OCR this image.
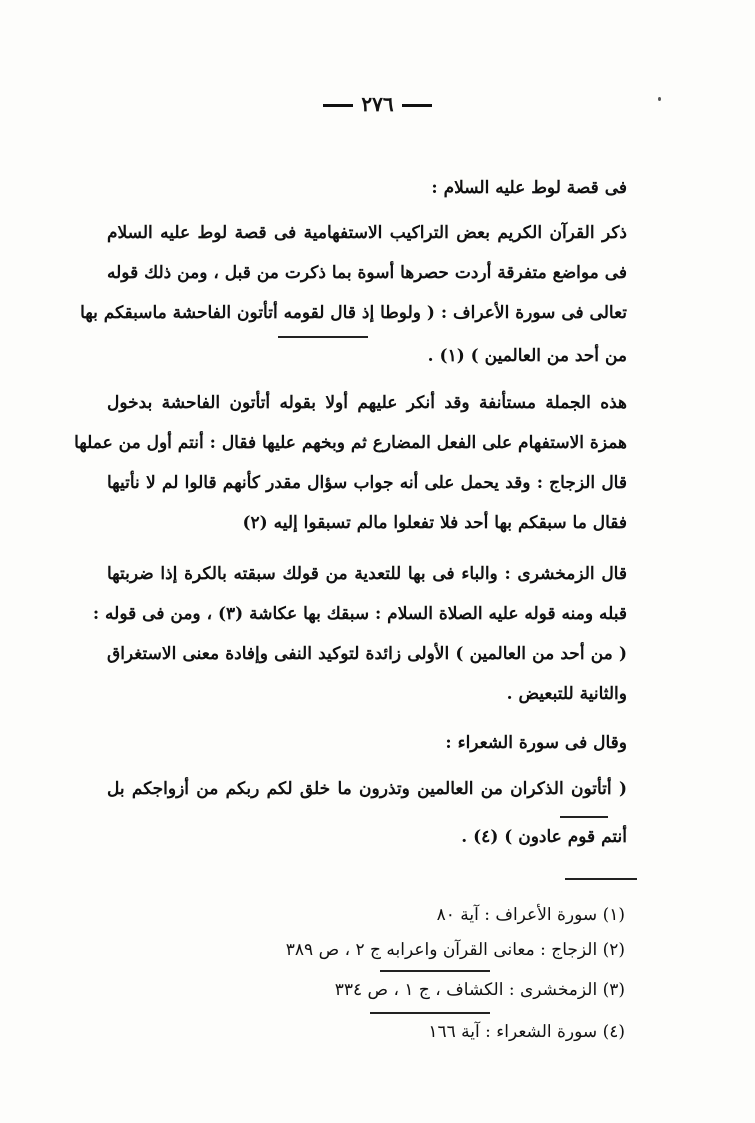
٢٧٦
فى قصة لوط عليه السلام :
ذكر القرآن الكريم بعض التراكيب الاستفهامية فى قصة لوط عليه السلام
فى مواضع متفرقة أردت حصرها أسوة بما ذكرت من قبل ، ومن ذلك قوله
تعالى فى سورة الأعراف : ( ولوطا إذ قال لقومه أتأتون الفاحشة ماسبقكم بها
من أحد من العالمين ) (١) .
هذه الجملة مستأنفة وقد أنكر عليهم أولا بقوله أتأتون الفاحشة بدخول
همزة الاستفهام على الفعل المضارع ثم وبخهم عليها فقال : أنتم أول من عملها
قال الزجاج : وقد يحمل على أنه جواب سؤال مقدر كأنهم قالوا لم لا نأتيها
فقال ما سبقكم بها أحد فلا تفعلوا مالم تسبقوا إليه (٢)
قال الزمخشرى : والباء فى بها للتعدية من قولك سبقته بالكرة إذا ضربتها
قبله ومنه قوله عليه الصلاة السلام : سبقك بها عكاشة (٣) ، ومن فى قوله :
( من أحد من العالمين ) الأولى زائدة لتوكيد النفى وإفادة معنى الاستغراق
والثانية للتبعيض .
وقال فى سورة الشعراء :
( أتأتون الذكران من العالمين وتذرون ما خلق لكم ربكم من أزواجكم بل
أنتم قوم عادون ) (٤) .
(١) سورة الأعراف : آية ٨٠
(٢) الزجاج : معانى القرآن واعرابه ج ٢ ، ص ٣٨٩
(٣) الزمخشرى : الكشاف ، ج ١ ، ص ٣٣٤
(٤) سورة الشعراء : آية ١٦٦
